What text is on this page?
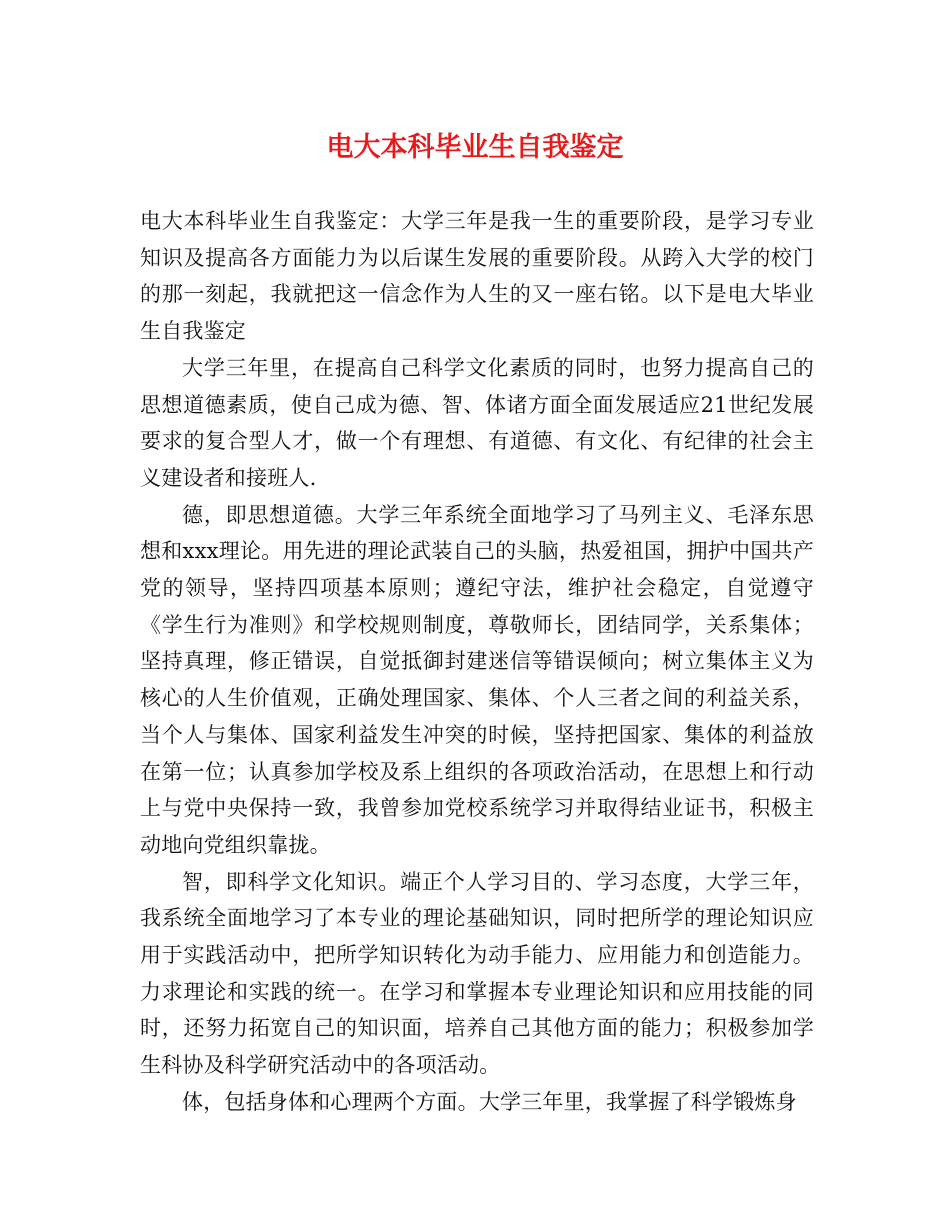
电大本科毕业生自我鉴定

电大本科毕业生自我鉴定：大学三年是我一生的重要阶段，是学习专业知识及提高各方面能力为以后谋生发展的重要阶段。从跨入大学的校门的那一刻起，我就把这一信念作为人生的又一座右铭。以下是电大毕业生自我鉴定

大学三年里，在提高自己科学文化素质的同时，也努力提高自己的思想道德素质，使自己成为德、智、体诸方面全面发展适应21世纪发展要求的复合型人才，做一个有理想、有道德、有文化、有纪律的社会主义建设者和接班人.

德，即思想道德。大学三年系统全面地学习了马列主义、毛泽东思想和xxx理论。用先进的理论武装自己的头脑，热爱祖国，拥护中国共产党的领导，坚持四项基本原则；遵纪守法，维护社会稳定，自觉遵守《学生行为准则》和学校规则制度，尊敬师长，团结同学，关系集体；坚持真理，修正错误，自觉抵御封建迷信等错误倾向；树立集体主义为核心的人生价值观，正确处理国家、集体、个人三者之间的利益关系，当个人与集体、国家利益发生冲突的时候，坚持把国家、集体的利益放在第一位；认真参加学校及系上组织的各项政治活动，在思想上和行动上与党中央保持一致，我曾参加党校系统学习并取得结业证书，积极主动地向党组织靠拢。

智，即科学文化知识。端正个人学习目的、学习态度，大学三年，我系统全面地学习了本专业的理论基础知识，同时把所学的理论知识应用于实践活动中，把所学知识转化为动手能力、应用能力和创造能力。力求理论和实践的统一。在学习和掌握本专业理论知识和应用技能的同时，还努力拓宽自己的知识面，培养自己其他方面的能力；积极参加学生科协及科学研究活动中的各项活动。

体，包括身体和心理两个方面。大学三年里，我掌握了科学锻炼身
